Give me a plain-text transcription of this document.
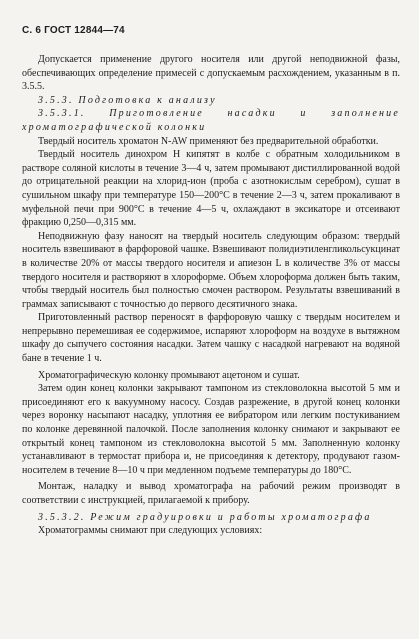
С. 6 ГОСТ 12844—74

Допускается применение другого носителя или другой неподвижной фазы, обеспечивающих определение примесей с допускаемым расхождением, указанным в п. 3.5.5.

3.5.3. Подготовка к анализу

3.5.3.1. Приготовление насадки и заполнение хроматографической колонки

Твердый носитель хроматон N-AW применяют без предварительной обработки.

Твердый носитель динохром Н кипятят в колбе с обратным холодильником в растворе соляной кислоты в течение 3—4 ч, затем промывают дистиллированной водой до отрицательной реакции на хлорид-ион (проба с азотнокислым серебром), сушат в сушильном шкафу при температуре 150—200°С в течение 2—3 ч, затем прокаливают в муфельной печи при 900°С в течение 4—5 ч, охлаждают в эксикаторе и отсеивают фракцию 0,250—0,315 мм.

Неподвижную фазу наносят на твердый носитель следующим образом: твердый носитель взвешивают в фарфоровой чашке. Взвешивают полидиэтиленгликольсукцинат в количестве 20% от массы твердого носителя и апиезон L в количестве 3% от массы твердого носителя и растворяют в хлороформе. Объем хлороформа должен быть таким, чтобы твердый носитель был полностью смочен раствором. Результаты взвешиваний в граммах записывают с точностью до первого десятичного знака.

Приготовленный раствор переносят в фарфоровую чашку с твердым носителем и непрерывно перемешивая ее содержимое, испаряют хлороформ на воздухе в вытяжном шкафу до сыпучего состояния насадки. Затем чашку с насадкой нагревают на водяной бане в течение 1 ч.

Хроматографическую колонку промывают ацетоном и сушат.

Затем один конец колонки закрывают тампоном из стекловолокна высотой 5 мм и присоединяют его к вакуумному насосу. Создав разрежение, в другой конец колонки через воронку насыпают насадку, уплотняя ее вибратором или легким постукиванием по колонке деревянной палочкой. После заполнения колонку снимают и закрывают ее открытый конец тампоном из стекловолокна высотой 5 мм. Заполненную колонку устанавливают в термостат прибора и, не присоединяя к детектору, продувают газом-носителем в течение 8—10 ч при медленном подъеме температуры до 180°С.

Монтаж, наладку и вывод хроматографа на рабочий режим производят в соответствии с инструкцией, прилагаемой к прибору.

3.5.3.2. Режим градуировки и работы хроматографа

Хроматограммы снимают при следующих условиях:
